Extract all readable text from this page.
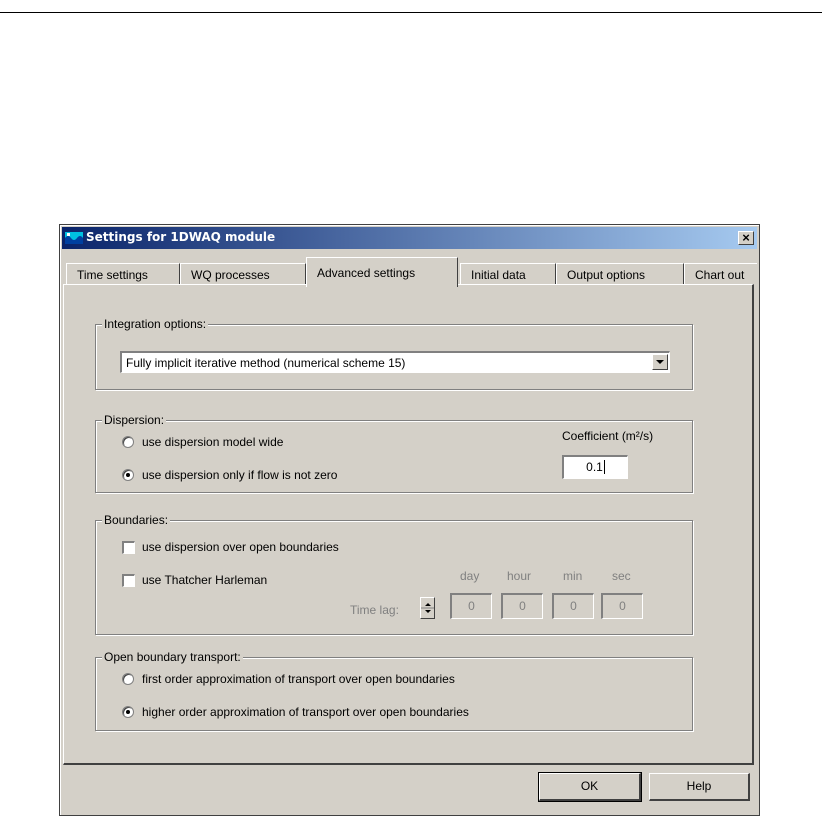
Settings for 1DWAQ module	×
Time settings	WQ processes	Advanced settings	Initial data	Output options	Chart out
Integration options:
Fully implicit iterative method (numerical scheme 15)
Dispersion:
use dispersion model wide
use dispersion only if flow is not zero
Coefficient (m²/s)
0.1
Boundaries:
use dispersion over open boundaries
use Thatcher Harleman	day hour	min sec
Time lag:	0	0	0	0
Open boundary transport:
first order approximation of transport over open boundaries
higher order approximation of transport over open boundaries
OK	Help
